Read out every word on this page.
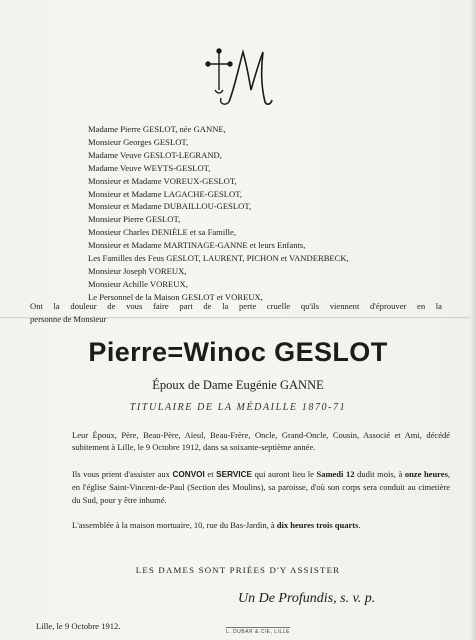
Madame Pierre GESLOT, née GANNE,
Monsieur Georges GESLOT,
Madame Veuve GESLOT-LEGRAND,
Madame Veuve WEYTS-GESLOT,
Monsieur et Madame VOREUX-GESLOT,
Monsieur et Madame LAGACHE-GESLOT,
Monsieur et Madame DUBAILLOU-GESLOT,
Monsieur Pierre GESLOT,
Monsieur Charles DENIÈLE et sa Famille,
Monsieur et Madame MARTINAGE-GANNE et leurs Enfants,
Les Familles des Feus GESLOT, LAURENT, PICHON et VANDERBECK,
Monsieur Joseph VOREUX,
Monsieur Achille VOREUX,
Le Personnel de la Maison GESLOT et VOREUX,
Ont la douleur de vous faire part de la perte cruelle qu'ils viennent d'éprouver en la
personne de Monsieur
Pierre=Winoc GESLOT
Époux de Dame Eugénie GANNE
TITULAIRE DE LA MÉDAILLE 1870-71
Leur Époux, Père, Beau-Père, Aïeul, Beau-Frère, Oncle, Grand-Oncle, Cousin, Associé et Ami, décédé subitement à Lille, le 9 Octobre 1912, dans sa soixante-septième année.
Ils vous prient d'assister aux CONVOI et SERVICE qui auront lieu le Samedi 12 dudit mois, à onze heures, en l'église Saint-Vincent-de-Paul (Section des Moulins), sa paroisse, d'où son corps sera conduit au cimetière du Sud, pour y être inhumé.
L'assemblée à la maison mortuaire, 10, rue du Bas-Jardin, à dix heures trois quarts.
LES DAMES SONT PRIÉES D'Y ASSISTER
Un De Profundis, s. v. p.
Lille, le 9 Octobre 1912.
L. DUBAR & CIE, LILLE
